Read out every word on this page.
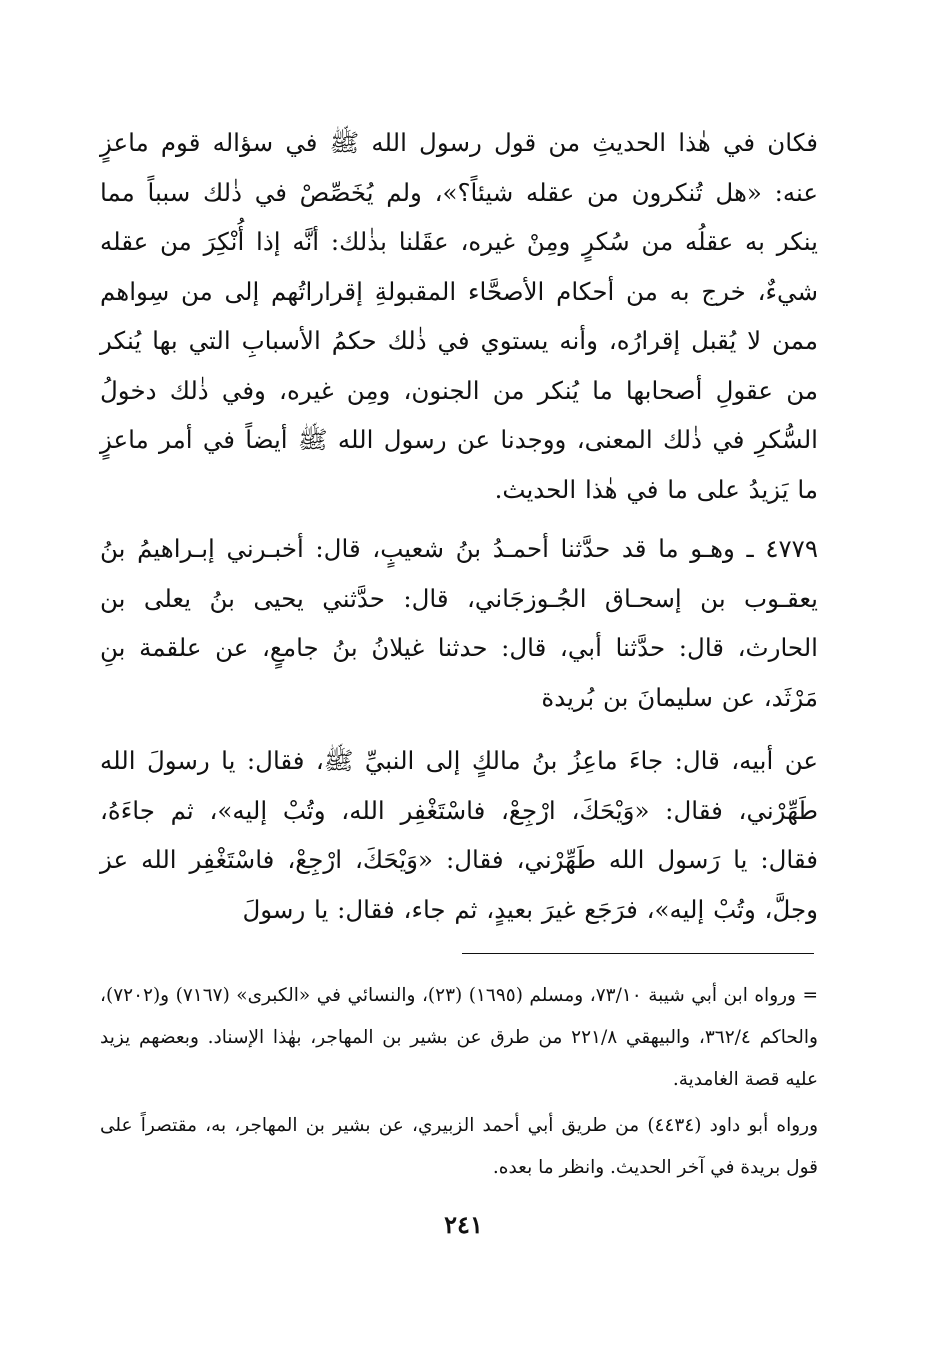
فكان في هٰذا الحديثِ من قول رسول الله ﷺ في سؤاله قوم ماعزٍ عنه: «هل تُنكرون من عقله شيئاً؟»، ولم يُخَصِّصْ في ذٰلك سبباً مما ينكر به عقلُه من سُكرٍ ومِنْ غيره، عقَلنا بذٰلك: أنَّه إذا أُنْكِرَ من عقله شيءٌ، خرج به من أحكام الأصحَّاء المقبولةِ إقراراتُهم إلى من سِواهم ممن لا يُقبل إقرارُه، وأنه يستوي في ذٰلك حكمُ الأسبابِ التي بها يُنكر من عقولِ أصحابها ما يُنكر من الجنون، ومِن غيره، وفي ذٰلك دخولُ السُّكرِ في ذٰلك المعنى، ووجدنا عن رسول الله ﷺ أيضاً في أمر ماعزٍ ما يَزيدُ على ما في هٰذا الحديث.

٤٧٧٩ ـ وهـو ما قد حدَّثنا أحمـدُ بنُ شعيبٍ، قال: أخبـرني إبـراهيمُ بنُ يعقـوب بن إسحـاق الجُـوزجَاني، قال: حدَّثني يحيى بنُ يعلى بن الحارث، قال: حدَّثنا أبي، قال: حدثنا غيلانُ بنُ جامعٍ، عن علقمة بنِ مَرْثَد، عن سليمانَ بن بُريدة

عن أبيه، قال: جاءَ ماعِزُ بنُ مالكٍ إلى النبيِّ ﷺ، فقال: يا رسولَ الله طَهِّرْني، فقال: «وَيْحَكَ، ارْجِعْ، فاسْتَغْفِر الله، وتُبْ إليه»، ثم جاءَهُ، فقال: يا رَسول الله طَهِّرْني، فقال: «وَيْحَكَ، ارْجِعْ، فاسْتَغْفِر الله عز وجلَّ، وتُبْ إليه»، فرَجَع غيرَ بعيدٍ، ثم جاء، فقال: يا رسولَ

= ورواه ابن أبي شيبة ٧٣/١٠، ومسلم (١٦٩٥) (٢٣)، والنسائي في «الكبرى» (٧١٦٧) و(٧٢٠٢)، والحاكم ٣٦٢/٤، والبيهقي ٢٢١/٨ من طرق عن بشير بن المهاجر، بهٰذا الإسناد. وبعضهم يزيد عليه قصة الغامدية.

ورواه أبو داود (٤٤٣٤) من طريق أبي أحمد الزبيري، عن بشير بن المهاجر، به، مقتصراً على قول بريدة في آخر الحديث. وانظر ما بعده.

٢٤١
